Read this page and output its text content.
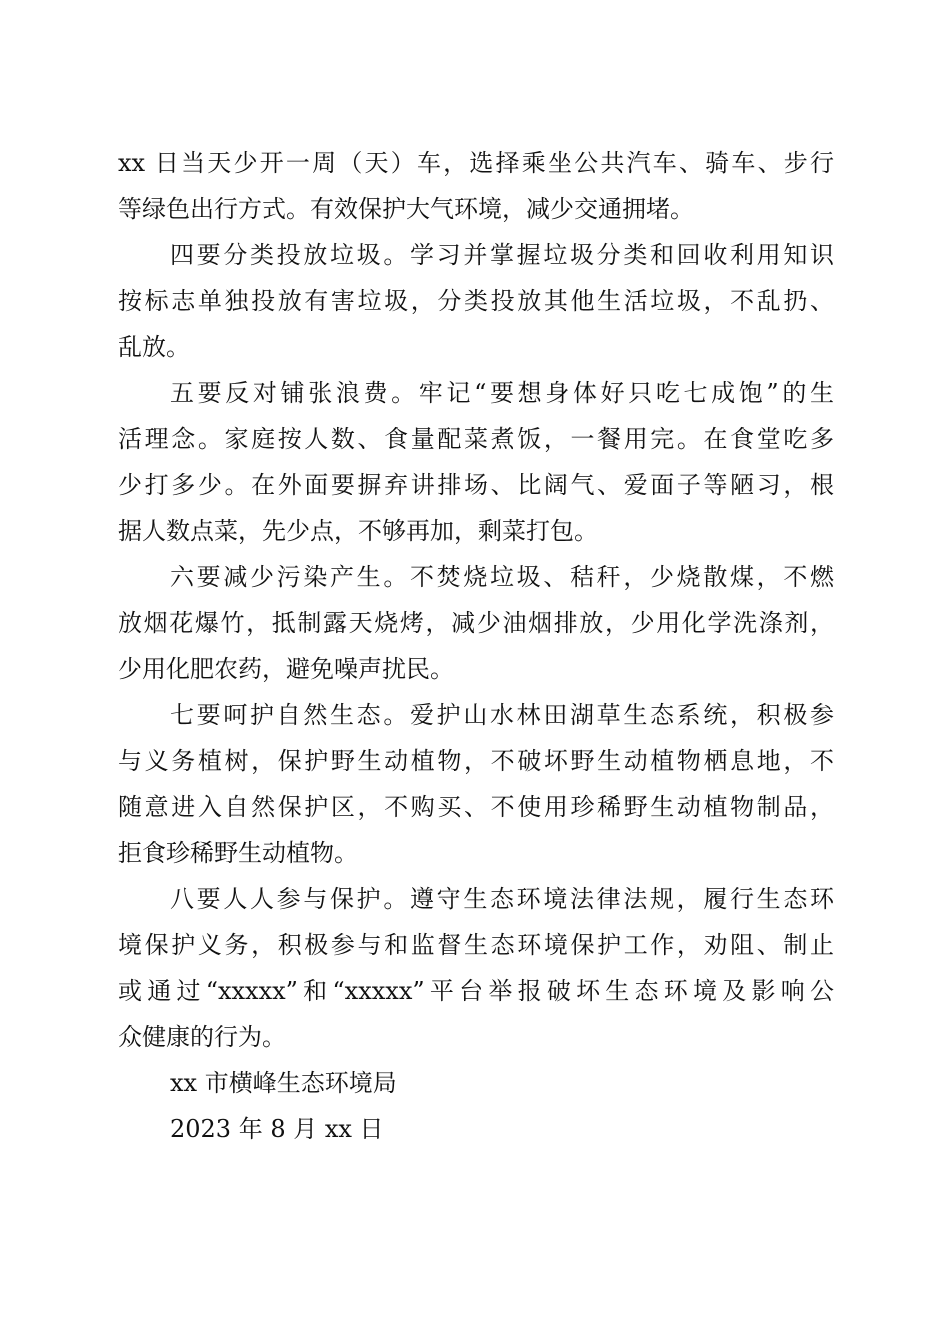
xx 日当天少开一周（天）车，选择乘坐公共汽车、骑车、步行
等绿色出行方式。有效保护大气环境，减少交通拥堵。
四要分类投放垃圾。学习并掌握垃圾分类和回收利用知识
按标志单独投放有害垃圾，分类投放其他生活垃圾，不乱扔、
乱放。
五要反对铺张浪费。牢记“要想身体好只吃七成饱”的生
活理念。家庭按人数、食量配菜煮饭，一餐用完。在食堂吃多
少打多少。在外面要摒弃讲排场、比阔气、爱面子等陋习，根
据人数点菜，先少点，不够再加，剩菜打包。
六要减少污染产生。不焚烧垃圾、秸秆，少烧散煤，不燃
放烟花爆竹，抵制露天烧烤，减少油烟排放，少用化学洗涤剂，
少用化肥农药，避免噪声扰民。
七要呵护自然生态。爱护山水林田湖草生态系统，积极参
与义务植树，保护野生动植物，不破坏野生动植物栖息地，不
随意进入自然保护区，不购买、不使用珍稀野生动植物制品，
拒食珍稀野生动植物。
八要人人参与保护。遵守生态环境法律法规，履行生态环
境保护义务，积极参与和监督生态环境保护工作，劝阻、制止
或通过“xxxxx”和“xxxxx”平台举报破坏生态环境及影响公
众健康的行为。
xx 市横峰生态环境局
2023 年 8 月 xx 日
